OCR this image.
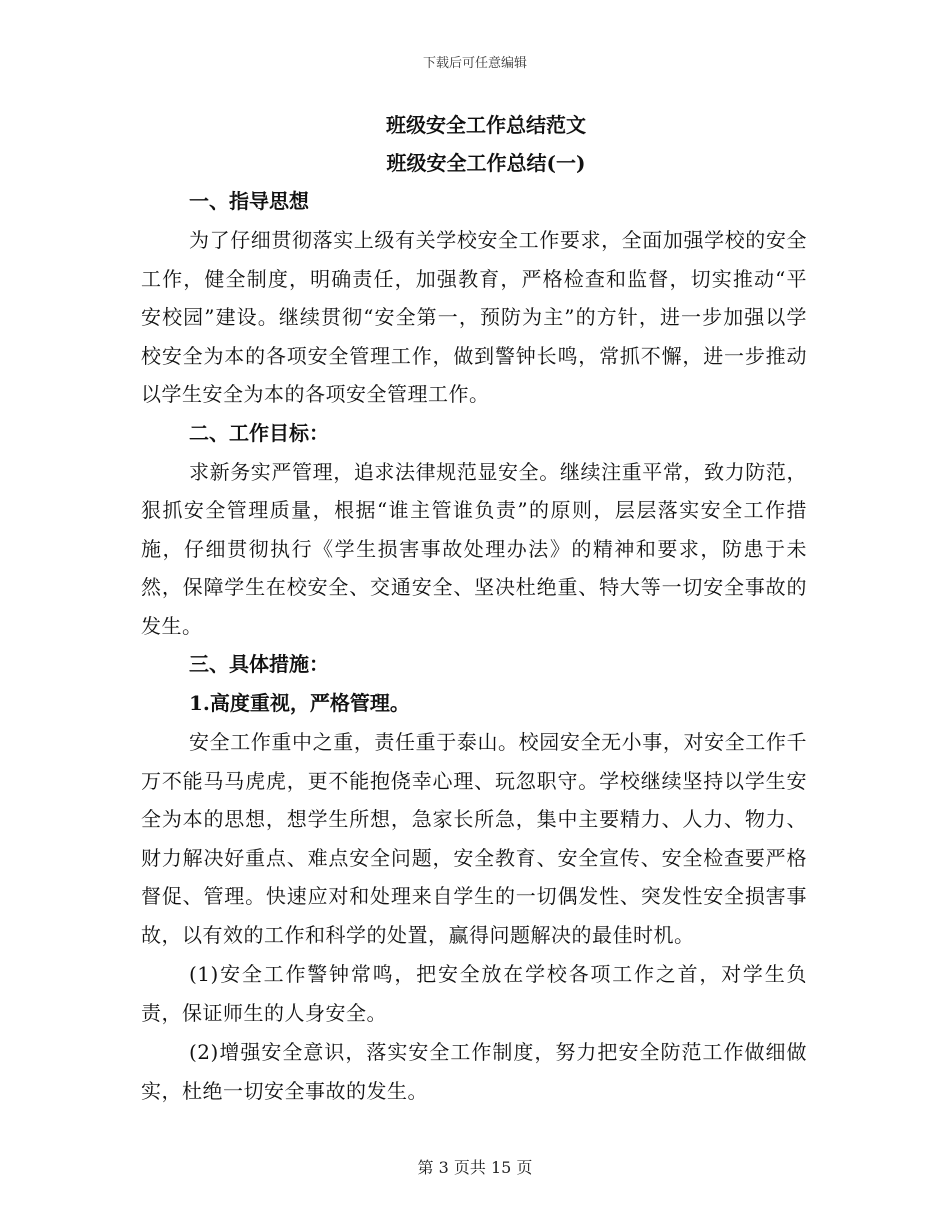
下载后可任意编辑
班级安全工作总结范文
班级安全工作总结(一)
一、指导思想

为了仔细贯彻落实上级有关学校安全工作要求，全面加强学校的安全工作，健全制度，明确责任，加强教育，严格检查和监督，切实推动“平安校园”建设。继续贯彻“安全第一，预防为主”的方针，进一步加强以学校安全为本的各项安全管理工作，做到警钟长鸣，常抓不懈，进一步推动以学生安全为本的各项安全管理工作。

二、工作目标：

求新务实严管理，追求法律规范显安全。继续注重平常，致力防范，狠抓安全管理质量，根据“谁主管谁负责”的原则，层层落实安全工作措施，仔细贯彻执行《学生损害事故处理办法》的精神和要求，防患于未然，保障学生在校安全、交通安全、坚决杜绝重、特大等一切安全事故的发生。

三、具体措施：
1.高度重视，严格管理。

安全工作重中之重，责任重于泰山。校园安全无小事，对安全工作千万不能马马虎虎，更不能抱侥幸心理、玩忽职守。学校继续坚持以学生安全为本的思想，想学生所想，急家长所急，集中主要精力、人力、物力、财力解决好重点、难点安全问题，安全教育、安全宣传、安全检查要严格督促、管理。快速应对和处理来自学生的一切偶发性、突发性安全损害事故，以有效的工作和科学的处置，赢得问题解决的最佳时机。

(1)安全工作警钟常鸣，把安全放在学校各项工作之首，对学生负责，保证师生的人身安全。

(2)增强安全意识，落实安全工作制度，努力把安全防范工作做细做实，杜绝一切安全事故的发生。

第 3 页共 15 页
